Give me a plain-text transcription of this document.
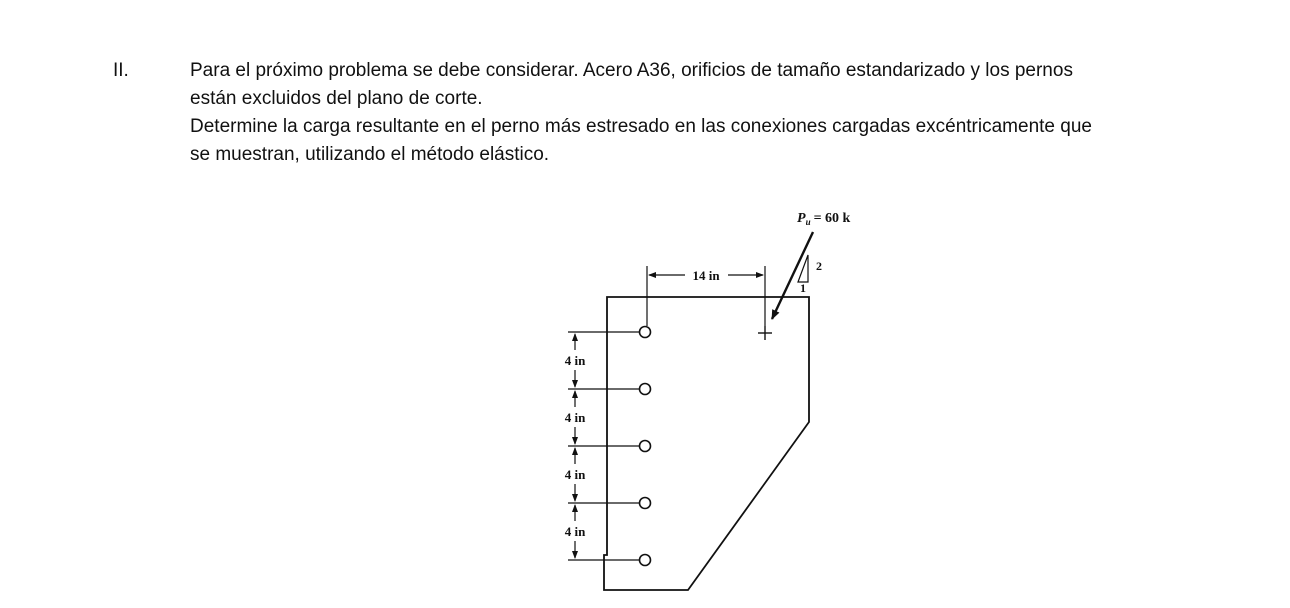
II.	Para el próximo problema se debe considerar. Acero A36, orificios de tamaño estandarizado y los pernos

están excluidos del plano de corte.

Determine la carga resultante en el perno más estresado en las conexiones cargadas excéntricamente que

se muestran, utilizando el método elástico.

4 in
4 in
4 in
4 in
14 in
2
1
$P_u = 60$ k
